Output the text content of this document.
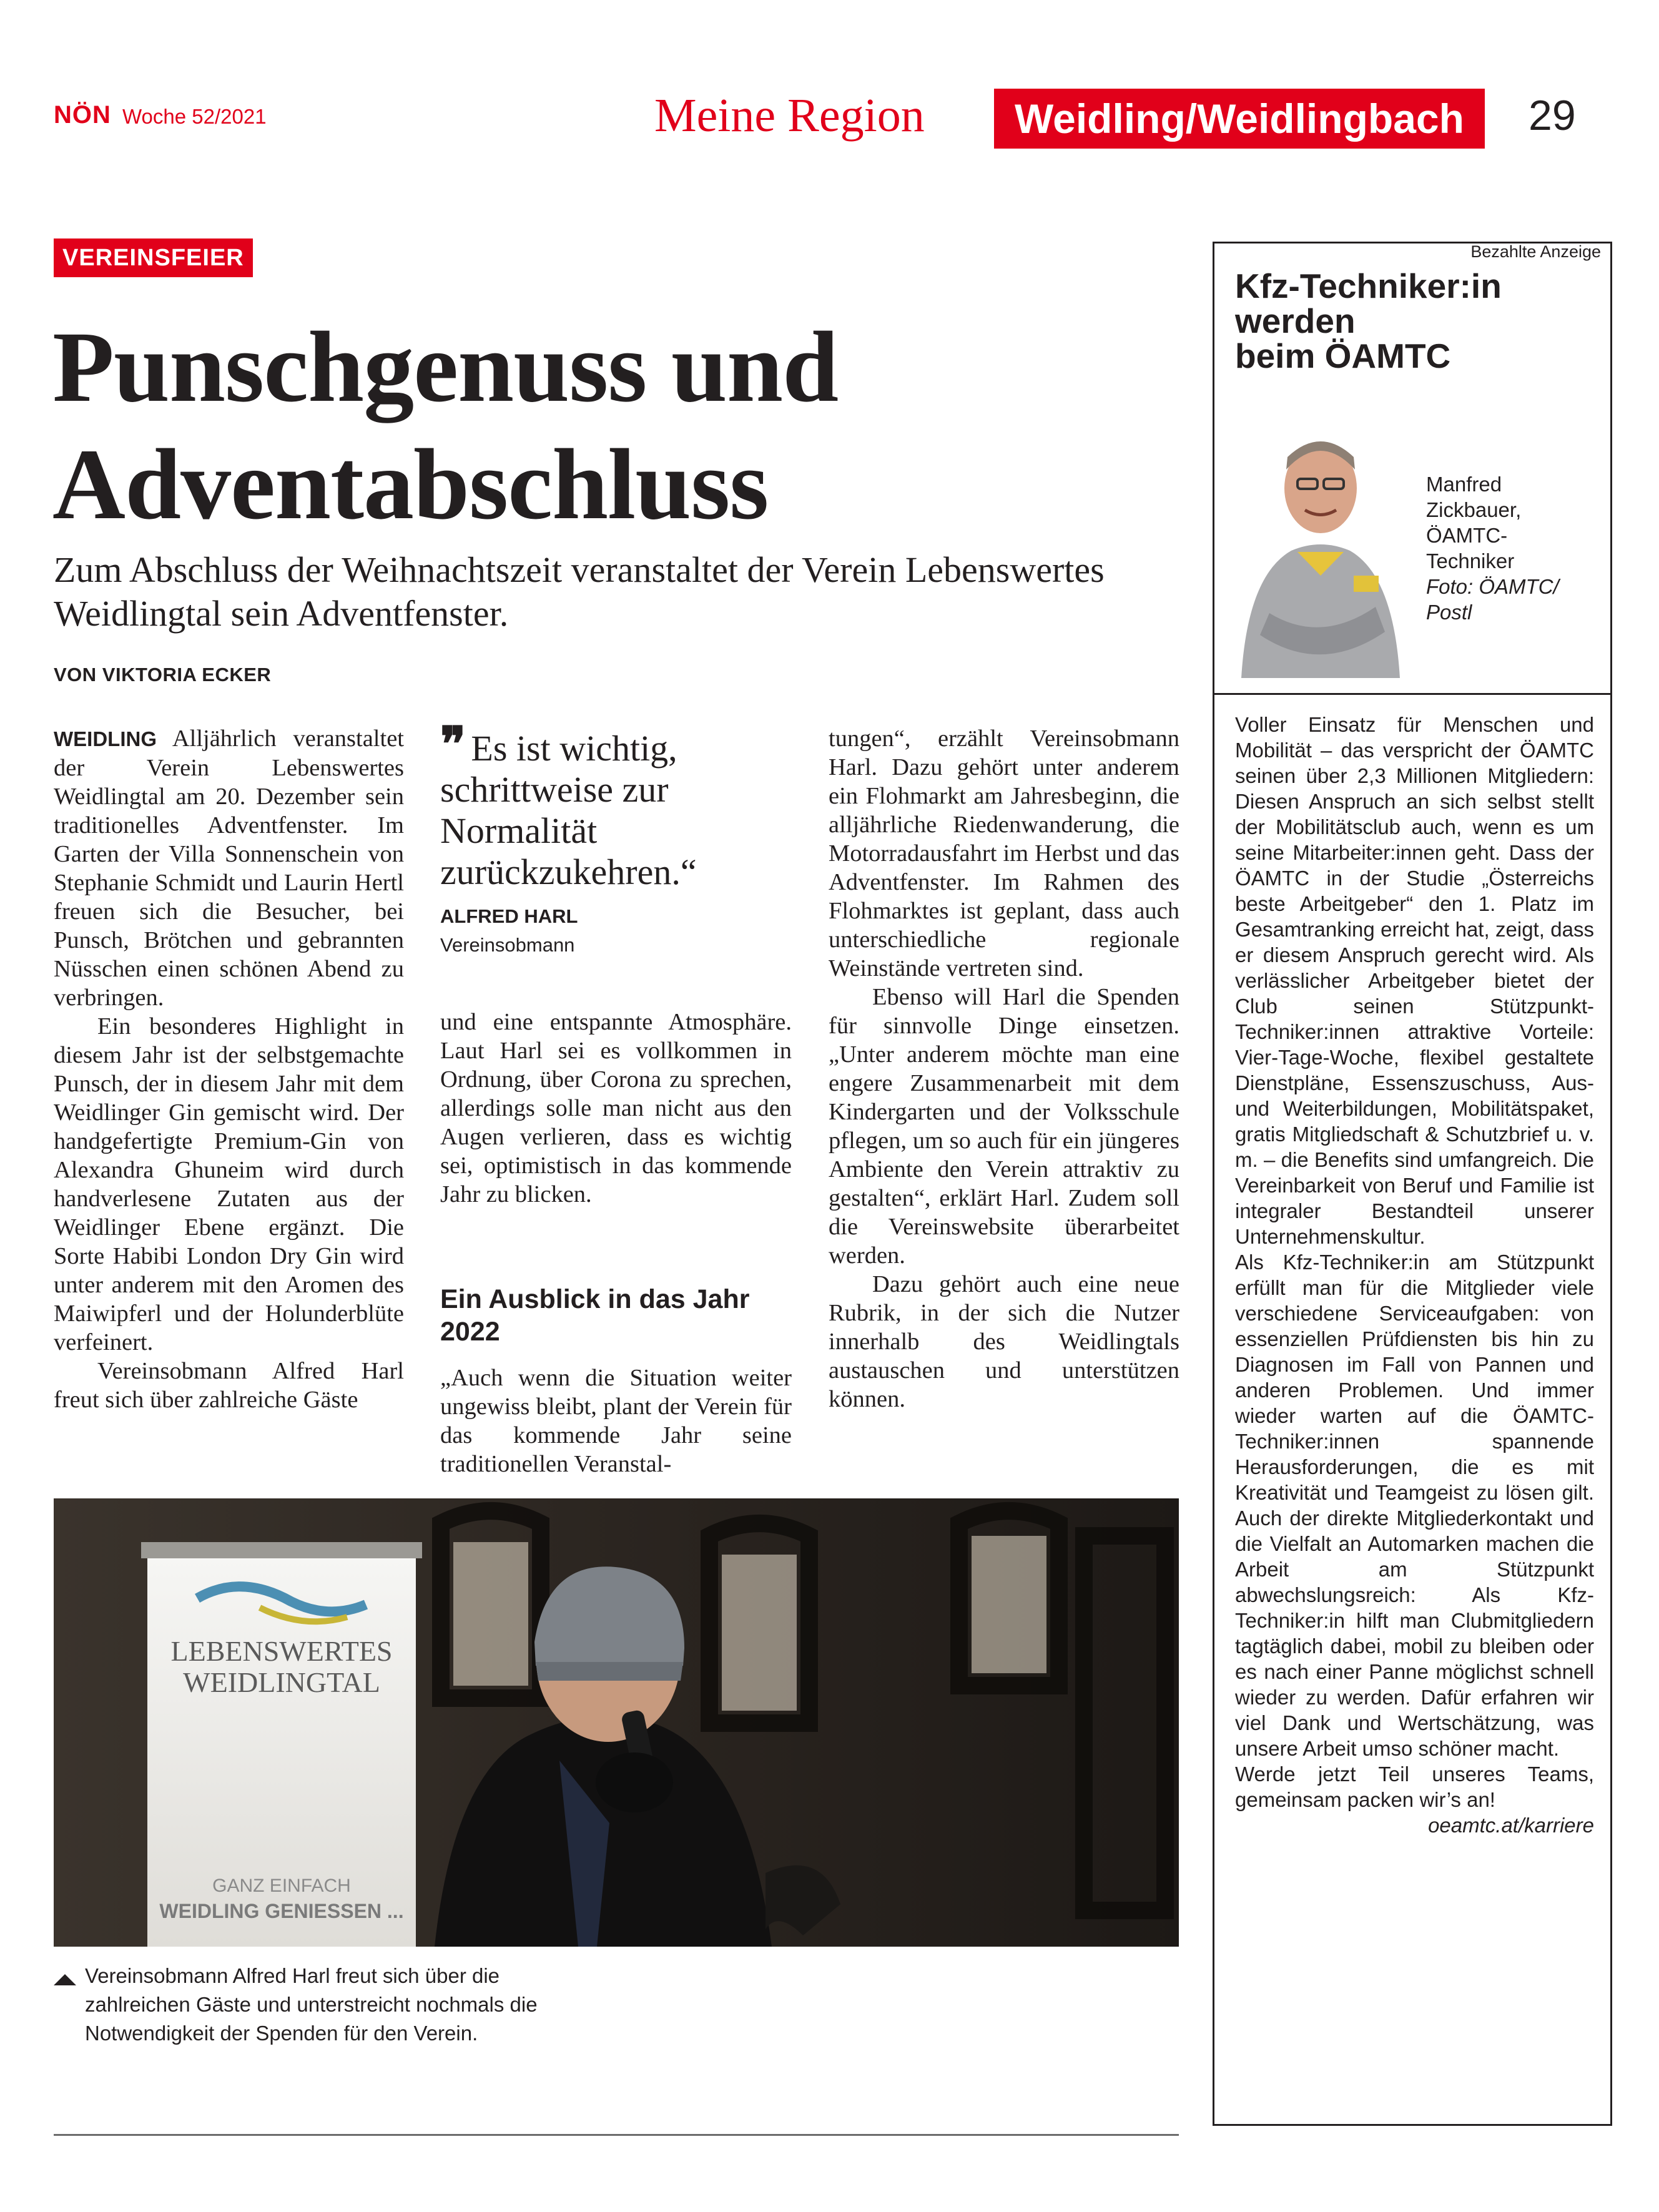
NÖN Woche 52/2021	Meine Region	Weidling/Weidlingbach	29
VEREINSFEIER
Punschgenuss und
Adventabschluss
Zum Abschluss der Weihnachtszeit veranstaltet der Verein Lebenswertes Weidlingtal sein Adventfenster.
VON VIKTORIA ECKER

WEIDLING Alljährlich veranstaltet der Verein Lebenswertes Weidlingtal am 20. Dezember sein traditionelles Adventfenster. Im Garten der Villa Sonnenschein von Stephanie Schmidt und Laurin Hertl freuen sich die Besucher, bei Punsch, Brötchen und gebrannten Nüsschen einen schönen Abend zu verbringen.

Ein besonderes Highlight in diesem Jahr ist der selbstgemachte Punsch, der in diesem Jahr mit dem Weidlinger Gin gemischt wird. Der handgefertigte Premium-Gin von Alexandra Ghuneim wird durch handverlesene Zutaten aus der Weidlinger Ebene ergänzt. Die Sorte Habibi London Dry Gin wird unter anderem mit den Aromen des Maiwipferl und der Holunderblüte verfeinert.

Vereinsobmann Alfred Harl freut sich über zahlreiche Gäste

❞ Es ist wichtig, schrittweise zur Normalität zurückzukehren.“
ALFRED HARL
Vereinsobmann

und eine entspannte Atmosphäre. Laut Harl sei es vollkommen in Ordnung, über Corona zu sprechen, allerdings solle man nicht aus den Augen verlieren, dass es wichtig sei, optimistisch in das kommende Jahr zu blicken.

Ein Ausblick in das Jahr 2022

„Auch wenn die Situation weiter ungewiss bleibt, plant der Verein für das kommende Jahr seine traditionellen Veranstal-

tungen“, erzählt Vereinsobmann Harl. Dazu gehört unter anderem ein Flohmarkt am Jahresbeginn, die alljährliche Riedenwanderung, die Motorradausfahrt im Herbst und das Adventfenster. Im Rahmen des Flohmarktes ist geplant, dass auch unterschiedliche regionale Weinstände vertreten sind.

Ebenso will Harl die Spenden für sinnvolle Dinge einsetzen. „Unter anderem möchte man eine engere Zusammenarbeit mit dem Kindergarten und der Volksschule pflegen, um so auch für ein jüngeres Ambiente den Verein attraktiv zu gestalten“, erklärt Harl. Zudem soll die Vereinswebsite überarbeitet werden.

Dazu gehört auch eine neue Rubrik, in der sich die Nutzer innerhalb des Weidlingtals austauschen und unterstützen können.

LEBENSWERTES
WEIDLINGTAL
GANZ EINFACH
WEIDLING GENIESSEN ...
Vereinsobmann Alfred Harl freut sich über die zahlreichen Gäste und unterstreicht nochmals die Notwendigkeit der Spenden für den Verein.
Bezahlte Anzeige
Kfz-Techniker:in
werden
beim ÖAMTC
Manfred Zickbauer, ÖAMTC-Techniker
Foto: ÖAMTC/ Postl

Voller Einsatz für Menschen und Mobilität – das verspricht der ÖAMTC seinen über 2,3 Millionen Mitgliedern: Diesen Anspruch an sich selbst stellt der Mobilitätsclub auch, wenn es um seine Mitarbeiter:innen geht. Dass der ÖAMTC in der Studie „Österreichs beste Arbeitgeber“ den 1. Platz im Gesamtranking erreicht hat, zeigt, dass er diesem Anspruch gerecht wird. Als verlässlicher Arbeitgeber bietet der Club seinen Stützpunkt-Techniker:innen attraktive Vorteile: Vier-Tage-Woche, flexibel gestaltete Dienstpläne, Essenszuschuss, Aus- und Weiterbildungen, Mobilitätspaket, gratis Mitgliedschaft & Schutzbrief u. v. m. – die Benefits sind umfangreich. Die Vereinbarkeit von Beruf und Familie ist integraler Bestandteil unserer Unternehmenskultur.

Als Kfz-Techniker:in am Stützpunkt erfüllt man für die Mitglieder viele verschiedene Serviceaufgaben: von essenziellen Prüfdiensten bis hin zu Diagnosen im Fall von Pannen und anderen Problemen. Und immer wieder warten auf die ÖAMTC-Techniker:innen spannende Herausforderungen, die es mit Kreativität und Teamgeist zu lösen gilt. Auch der direkte Mitgliederkontakt und die Vielfalt an Automarken machen die Arbeit am Stützpunkt abwechslungsreich: Als Kfz-Techniker:in hilft man Clubmitgliedern tagtäglich dabei, mobil zu bleiben oder es nach einer Panne möglichst schnell wieder zu werden. Dafür erfahren wir viel Dank und Wertschätzung, was unsere Arbeit umso schöner macht.

Werde jetzt Teil unseres Teams, gemeinsam packen wir’s an!
oeamtc.at/karriere
